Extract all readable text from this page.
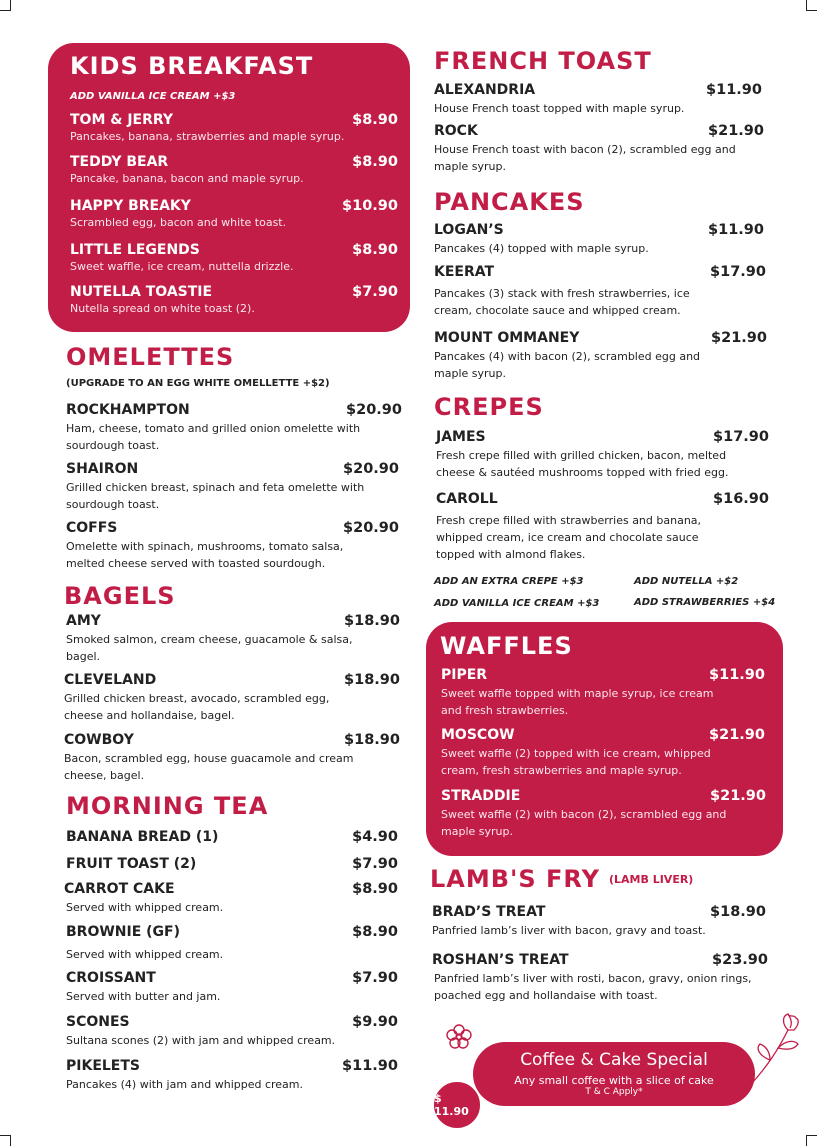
KIDS BREAKFAST
ADD VANILLA ICE CREAM +$3
TOM & JERRY	$8.90
Pancakes, banana, strawberries and maple syrup.
TEDDY BEAR	$8.90
Pancake, banana, bacon and maple syrup.
HAPPY BREAKY	$10.90
Scrambled egg, bacon and white toast.
LITTLE LEGENDS	$8.90
Sweet waffle, ice cream, nuttella drizzle.
NUTELLA TOASTIE	$7.90
Nutella spread on white toast (2).
OMELETTES
(UPGRADE TO AN EGG WHITE OMELLETTE +$2)
ROCKHAMPTON	$20.90
Ham, cheese, tomato and grilled onion omelette with sourdough toast.
SHAIRON	$20.90
Grilled chicken breast, spinach and feta omelette with sourdough toast.
COFFS	$20.90
Omelette with spinach, mushrooms, tomato salsa, melted cheese served with toasted sourdough.
BAGELS
AMY	$18.90
Smoked salmon, cream cheese, guacamole & salsa, bagel.
CLEVELAND	$18.90
Grilled chicken breast, avocado, scrambled egg, cheese and hollandaise, bagel.
COWBOY	$18.90
Bacon, scrambled egg, house guacamole and cream cheese, bagel.
MORNING TEA
BANANA BREAD (1)	$4.90
FRUIT TOAST (2)	$7.90
CARROT CAKE	$8.90
Served with whipped cream.
BROWNIE (GF)	$8.90
Served with whipped cream.
CROISSANT	$7.90
Served with butter and jam.
SCONES	$9.90
Sultana scones (2) with jam and whipped cream.
PIKELETS	$11.90
Pancakes (4) with jam and whipped cream.
FRENCH TOAST
ALEXANDRIA	$11.90
House French toast topped with maple syrup.
ROCK	$21.90
House French toast with bacon (2), scrambled egg and maple syrup.
PANCAKES
LOGAN’S	$11.90
Pancakes (4) topped with maple syrup.
KEERAT	$17.90
Pancakes (3) stack with fresh strawberries, ice cream, chocolate sauce and whipped cream.
MOUNT OMMANEY	$21.90
Pancakes (4) with bacon (2), scrambled egg and maple syrup.
CREPES
JAMES	$17.90
Fresh crepe filled with grilled chicken, bacon, melted cheese & sautéed mushrooms topped with fried egg.
CAROLL	$16.90
Fresh crepe filled with strawberries and banana, whipped cream, ice cream and chocolate sauce topped with almond flakes.
ADD AN EXTRA CREPE +$3	ADD NUTELLA +$2
ADD VANILLA ICE CREAM +$3	ADD STRAWBERRIES +$4
WAFFLES
PIPER	$11.90
Sweet waffle topped with maple syrup, ice cream and fresh strawberries.
MOSCOW	$21.90
Sweet waffle (2) topped with ice cream, whipped cream, fresh strawberries and maple syrup.
STRADDIE	$21.90
Sweet waffle (2) with bacon (2), scrambled egg and maple syrup.
LAMB'S FRY (LAMB LIVER)
BRAD’S TREAT	$18.90
Panfried lamb’s liver with bacon, gravy and toast.
ROSHAN’S TREAT	$23.90
Panfried lamb’s liver with rosti, bacon, gravy, onion rings, poached egg and hollandaise with toast.
Coffee & Cake Special
Any small coffee with a slice of cake
T & C Apply*
$ 11.90
